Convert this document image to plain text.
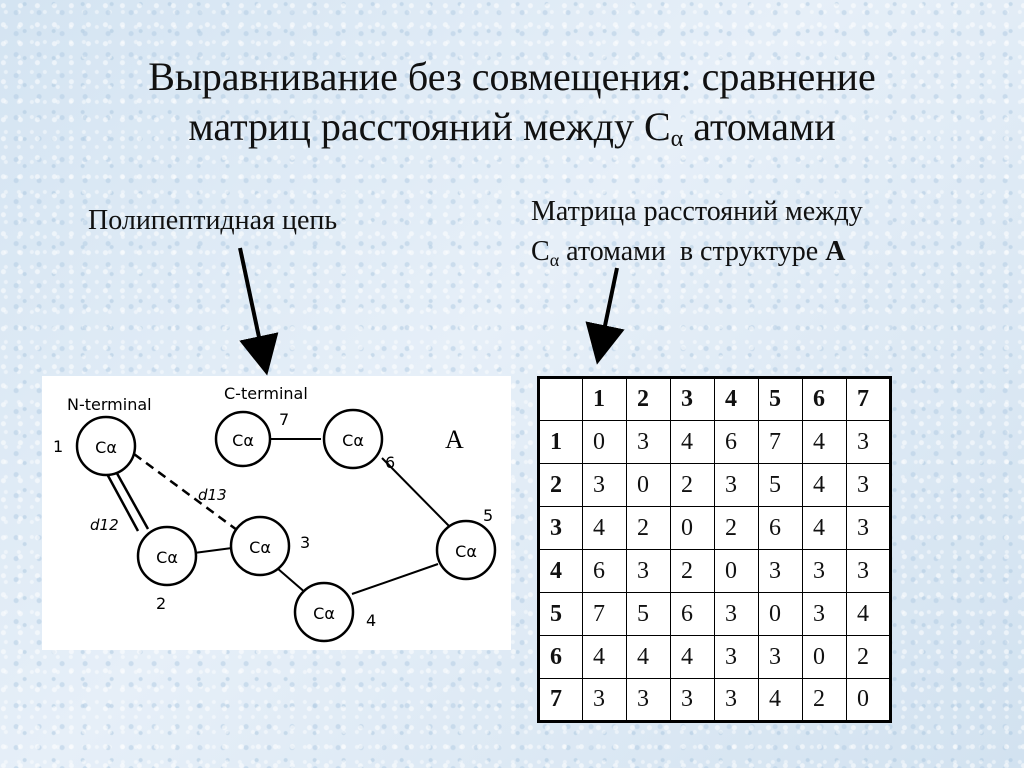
Выравнивание без совмещения: сравнение
матриц расстояний между $С_\alpha$ атомами
Полипептидная цепь	Матрица расстояний между
$С_\alpha$ атомами  в структуре А
Cα
Cα
Cα
Cα
Cα
Cα
Cα
N-terminal
C-terminal
А
d13
d12
1
2
3
4
5
6
7
	1	2	3	4	5	6	7
1	0	3	4	6	7	4	3
2	3	0	2	3	5	4	3
3	4	2	0	2	6	4	3
4	6	3	2	0	3	3	3
5	7	5	6	3	0	3	4
6	4	4	4	3	3	0	2
7	3	3	3	3	4	2	0
